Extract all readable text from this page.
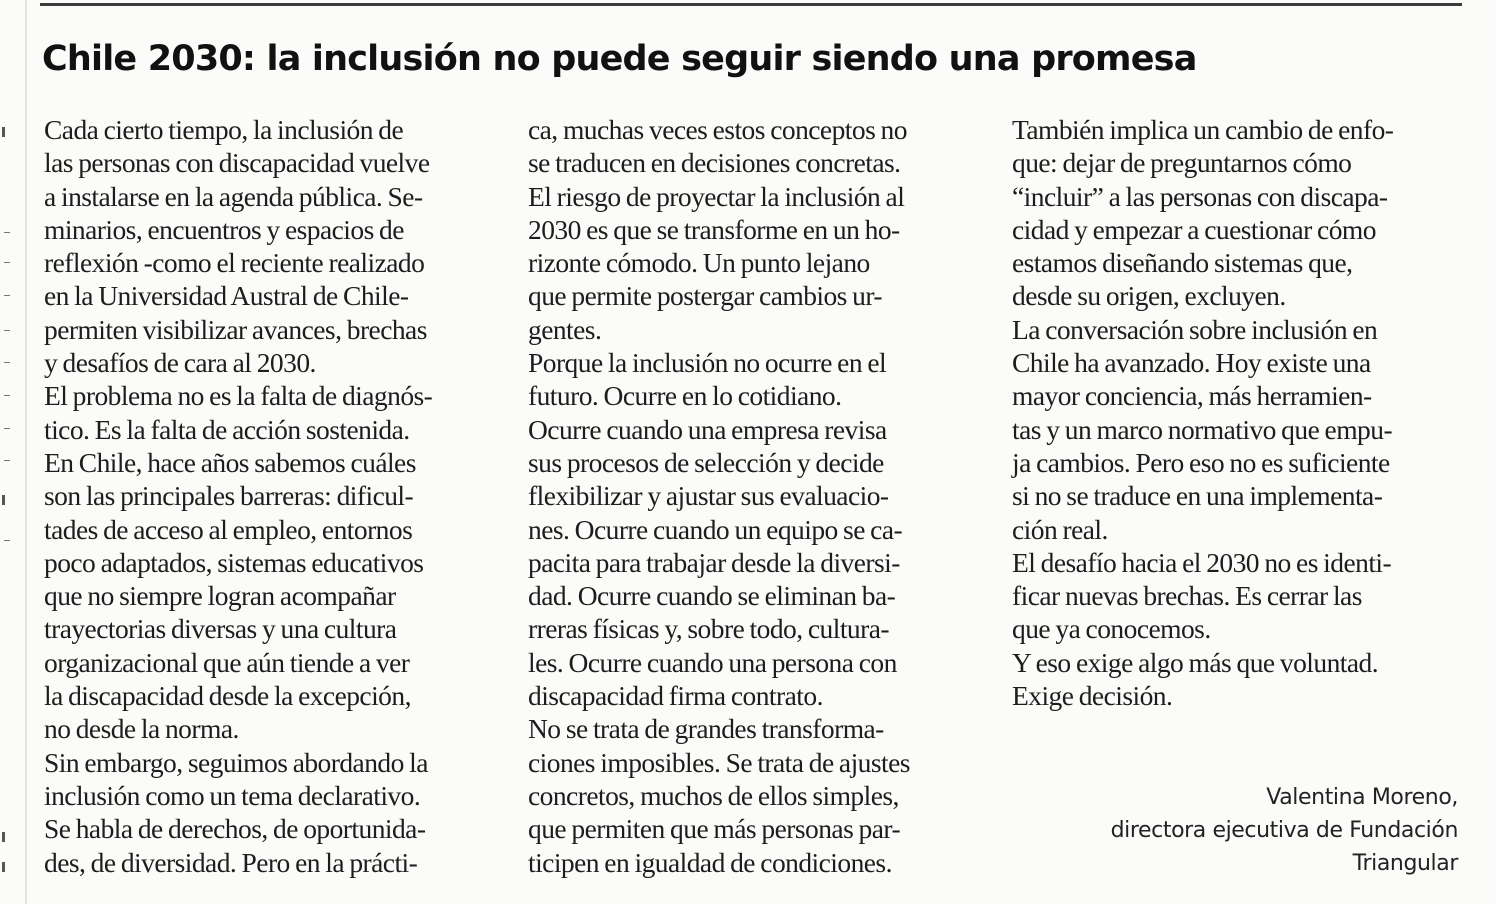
Chile 2030: la inclusión no puede seguir siendo una promesa
Cada cierto tiempo, la inclusión de
las personas con discapacidad vuelve
a instalarse en la agenda pública. Se-
minarios, encuentros y espacios de
reflexión -como el reciente realizado
en la Universidad Austral de Chile-
permiten visibilizar avances, brechas
y desafíos de cara al 2030.
El problema no es la falta de diagnós-
tico. Es la falta de acción sostenida.
En Chile, hace años sabemos cuáles
son las principales barreras: dificul-
tades de acceso al empleo, entornos
poco adaptados, sistemas educativos
que no siempre logran acompañar
trayectorias diversas y una cultura
organizacional que aún tiende a ver
la discapacidad desde la excepción,
no desde la norma.
Sin embargo, seguimos abordando la
inclusión como un tema declarativo.
Se habla de derechos, de oportunida-
des, de diversidad. Pero en la prácti-
ca, muchas veces estos conceptos no
se traducen en decisiones concretas.
El riesgo de proyectar la inclusión al
2030 es que se transforme en un ho-
rizonte cómodo. Un punto lejano
que permite postergar cambios ur-
gentes.
Porque la inclusión no ocurre en el
futuro. Ocurre en lo cotidiano.
Ocurre cuando una empresa revisa
sus procesos de selección y decide
flexibilizar y ajustar sus evaluacio-
nes. Ocurre cuando un equipo se ca-
pacita para trabajar desde la diversi-
dad. Ocurre cuando se eliminan ba-
rreras físicas y, sobre todo, cultura-
les. Ocurre cuando una persona con
discapacidad firma contrato.
No se trata de grandes transforma-
ciones imposibles. Se trata de ajustes
concretos, muchos de ellos simples,
que permiten que más personas par-
ticipen en igualdad de condiciones.
También implica un cambio de enfo-
que: dejar de preguntarnos cómo
“incluir” a las personas con discapa-
cidad y empezar a cuestionar cómo
estamos diseñando sistemas que,
desde su origen, excluyen.
La conversación sobre inclusión en
Chile ha avanzado. Hoy existe una
mayor conciencia, más herramien-
tas y un marco normativo que empu-
ja cambios. Pero eso no es suficiente
si no se traduce en una implementa-
ción real.
El desafío hacia el 2030 no es identi-
ficar nuevas brechas. Es cerrar las
que ya conocemos.
Y eso exige algo más que voluntad.
Exige decisión.
Valentina Moreno,
directora ejecutiva de Fundación
Triangular
